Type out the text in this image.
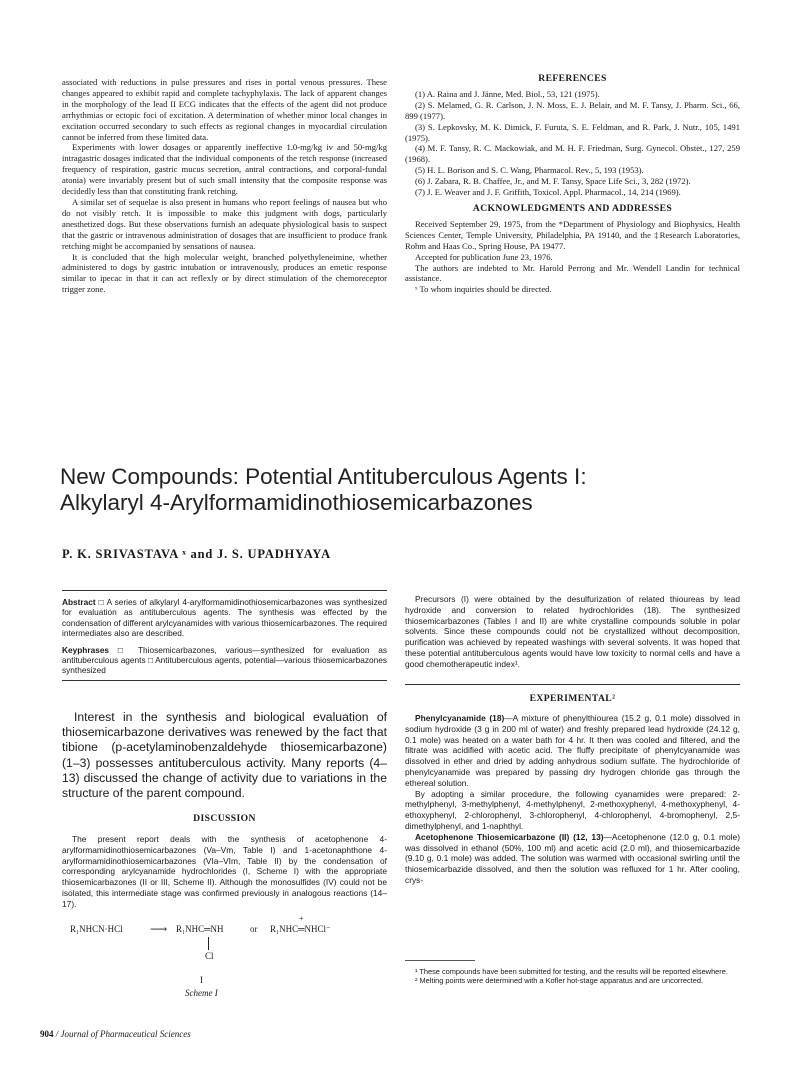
associated with reductions in pulse pressures and rises in portal venous pressures. These changes appeared to exhibit rapid and complete tachyphylaxis. The lack of apparent changes in the morphology of the lead II ECG indicates that the effects of the agent did not produce arrhythmias or ectopic foci of excitation. A determination of whether minor local changes in excitation occurred secondary to such effects as regional changes in myocardial circulation cannot be inferred from these limited data.

Experiments with lower dosages or apparently ineffective 1.0-mg/kg iv and 50-mg/kg intragastric dosages indicated that the individual components of the retch response (increased frequency of respiration, gastric mucus secretion, antral contractions, and corporal-fundal atonia) were invariably present but of such small intensity that the composite response was decidedly less than that constituting frank retching.

A similar set of sequelae is also present in humans who report feelings of nausea but who do not visibly retch. It is impossible to make this judgment with dogs, particularly anesthetized dogs. But these observations furnish an adequate physiological basis to suspect that the gastric or intravenous administration of dosages that are insufficient to produce frank retching might be accompanied by sensations of nausea.

It is concluded that the high molecular weight, branched polyethyleneimine, whether administered to dogs by gastric intubation or intravenously, produces an emetic response similar to ipecac in that it can act reflexly or by direct stimulation of the chemoreceptor trigger zone.

REFERENCES

(1) A. Raina and J. Jänne, Med. Biol., 53, 121 (1975).

(2) S. Melamed, G. R. Carlson, J. N. Moss, E. J. Belair, and M. F. Tansy, J. Pharm. Sci., 66, 899 (1977).

(3) S. Lepkovsky, M. K. Dimick, F. Furuta, S. E. Feldman, and R. Park, J. Nutr., 105, 1491 (1975).

(4) M. F. Tansy, R. C. Mackowiak, and M. H. F. Friedman, Surg. Gynecol. Obstet., 127, 259 (1968).

(5) H. L. Borison and S. C. Wang, Pharmacol. Rev., 5, 193 (1953).

(6) J. Zabara, R. B. Chaffee, Jr., and M. F. Tansy, Space Life Sci., 3, 282 (1972).

(7) J. E. Weaver and J. F. Griffith, Toxicol. Appl. Pharmacol., 14, 214 (1969).

ACKNOWLEDGMENTS AND ADDRESSES

Received September 29, 1975, from the *Department of Physiology and Biophysics, Health Sciences Center, Temple University, Philadelphia, PA 19140, and the ‡Research Laboratories, Rohm and Haas Co., Spring House, PA 19477.

Accepted for publication June 23, 1976.

The authors are indebted to Mr. Harold Perrong and Mr. Wendell Landin for technical assistance.

ˣ To whom inquiries should be directed.

New Compounds: Potential Antituberculous Agents I:
Alkylaryl 4-Arylformamidinothiosemicarbazones
P. K. SRIVASTAVA ˣ and J. S. UPADHYAYA

Abstract □ A series of alkylaryl 4-arylformamidinothiosemicarbazones was synthesized for evaluation as antituberculous agents. The synthesis was effected by the condensation of different arylcyanamides with various thiosemicarbazones. The required intermediates also are described.

Keyphrases □ Thiosemicarbazones, various—synthesized for evaluation as antituberculous agents □ Antituberculous agents, potential—various thiosemicarbazones synthesized

Interest in the synthesis and biological evaluation of thiosemicarbazone derivatives was renewed by the fact that tibione (p-acetylaminobenzaldehyde thiosemicarbazone) (1–3) possesses antituberculous activity. Many reports (4–13) discussed the change of activity due to variations in the structure of the parent compound.
DISCUSSION

The present report deals with the synthesis of acetophenone 4-arylformamidinothiosemicarbazones (Va–Vm, Table I) and 1-acetonaphthone 4-arylformamidinothiosemicarbazones (VIa–VIm, Table II) by the condensation of corresponding arylcyanamide hydrochlorides (I, Scheme I) with the appropriate thiosemicarbazones (II or III, Scheme II). Although the monosulfides (IV) could not be isolated, this intermediate stage was confirmed previously in analogous reactions (14–17).

R₁NHCN·HCl ⟶ R₁NHC═NH	or
+
R₁NHC═NHCl⁻
Cl
I
Scheme I

Precursors (I) were obtained by the desulfurization of related thioureas by lead hydroxide and conversion to related hydrochlorides (18). The synthesized thiosemicarbazones (Tables I and II) are white crystalline compounds soluble in polar solvents. Since these compounds could not be crystallized without decomposition, purification was achieved by repeated washings with several solvents. It was hoped that these potential antituberculous agents would have low toxicity to normal cells and have a good chemotherapeutic index¹.

EXPERIMENTAL²

Phenylcyanamide (18)—A mixture of phenylthiourea (15.2 g, 0.1 mole) dissolved in sodium hydroxide (3 g in 200 ml of water) and freshly prepared lead hydroxide (24.12 g, 0.1 mole) was heated on a water bath for 4 hr. It then was cooled and filtered, and the filtrate was acidified with acetic acid. The fluffy precipitate of phenylcyanamide was dissolved in ether and dried by adding anhydrous sodium sulfate. The hydrochloride of phenylcyanamide was prepared by passing dry hydrogen chloride gas through the ethereal solution.

By adopting a similar procedure, the following cyanamides were prepared: 2-methylphenyl, 3-methylphenyl, 4-methylphenyl, 2-methoxyphenyl, 4-methoxyphenyl, 4-ethoxyphenyl, 2-chlorophenyl, 3-chlorophenyl, 4-chlorophenyl, 4-bromophenyl, 2,5-dimethylphenyl, and 1-naphthyl.

Acetophenone Thiosemicarbazone (II) (12, 13)—Acetophenone (12.0 g, 0.1 mole) was dissolved in ethanol (50%, 100 ml) and acetic acid (2.0 ml), and thiosemicarbazide (9.10 g, 0.1 mole) was added. The solution was warmed with occasional swirling until the thiosemicarbazide dissolved, and then the solution was refluxed for 1 hr. After cooling, crys-

¹ These compounds have been submitted for testing, and the results will be reported elsewhere.

² Melting points were determined with a Kofler hot-stage apparatus and are uncorrected.

904 / Journal of Pharmaceutical Sciences
